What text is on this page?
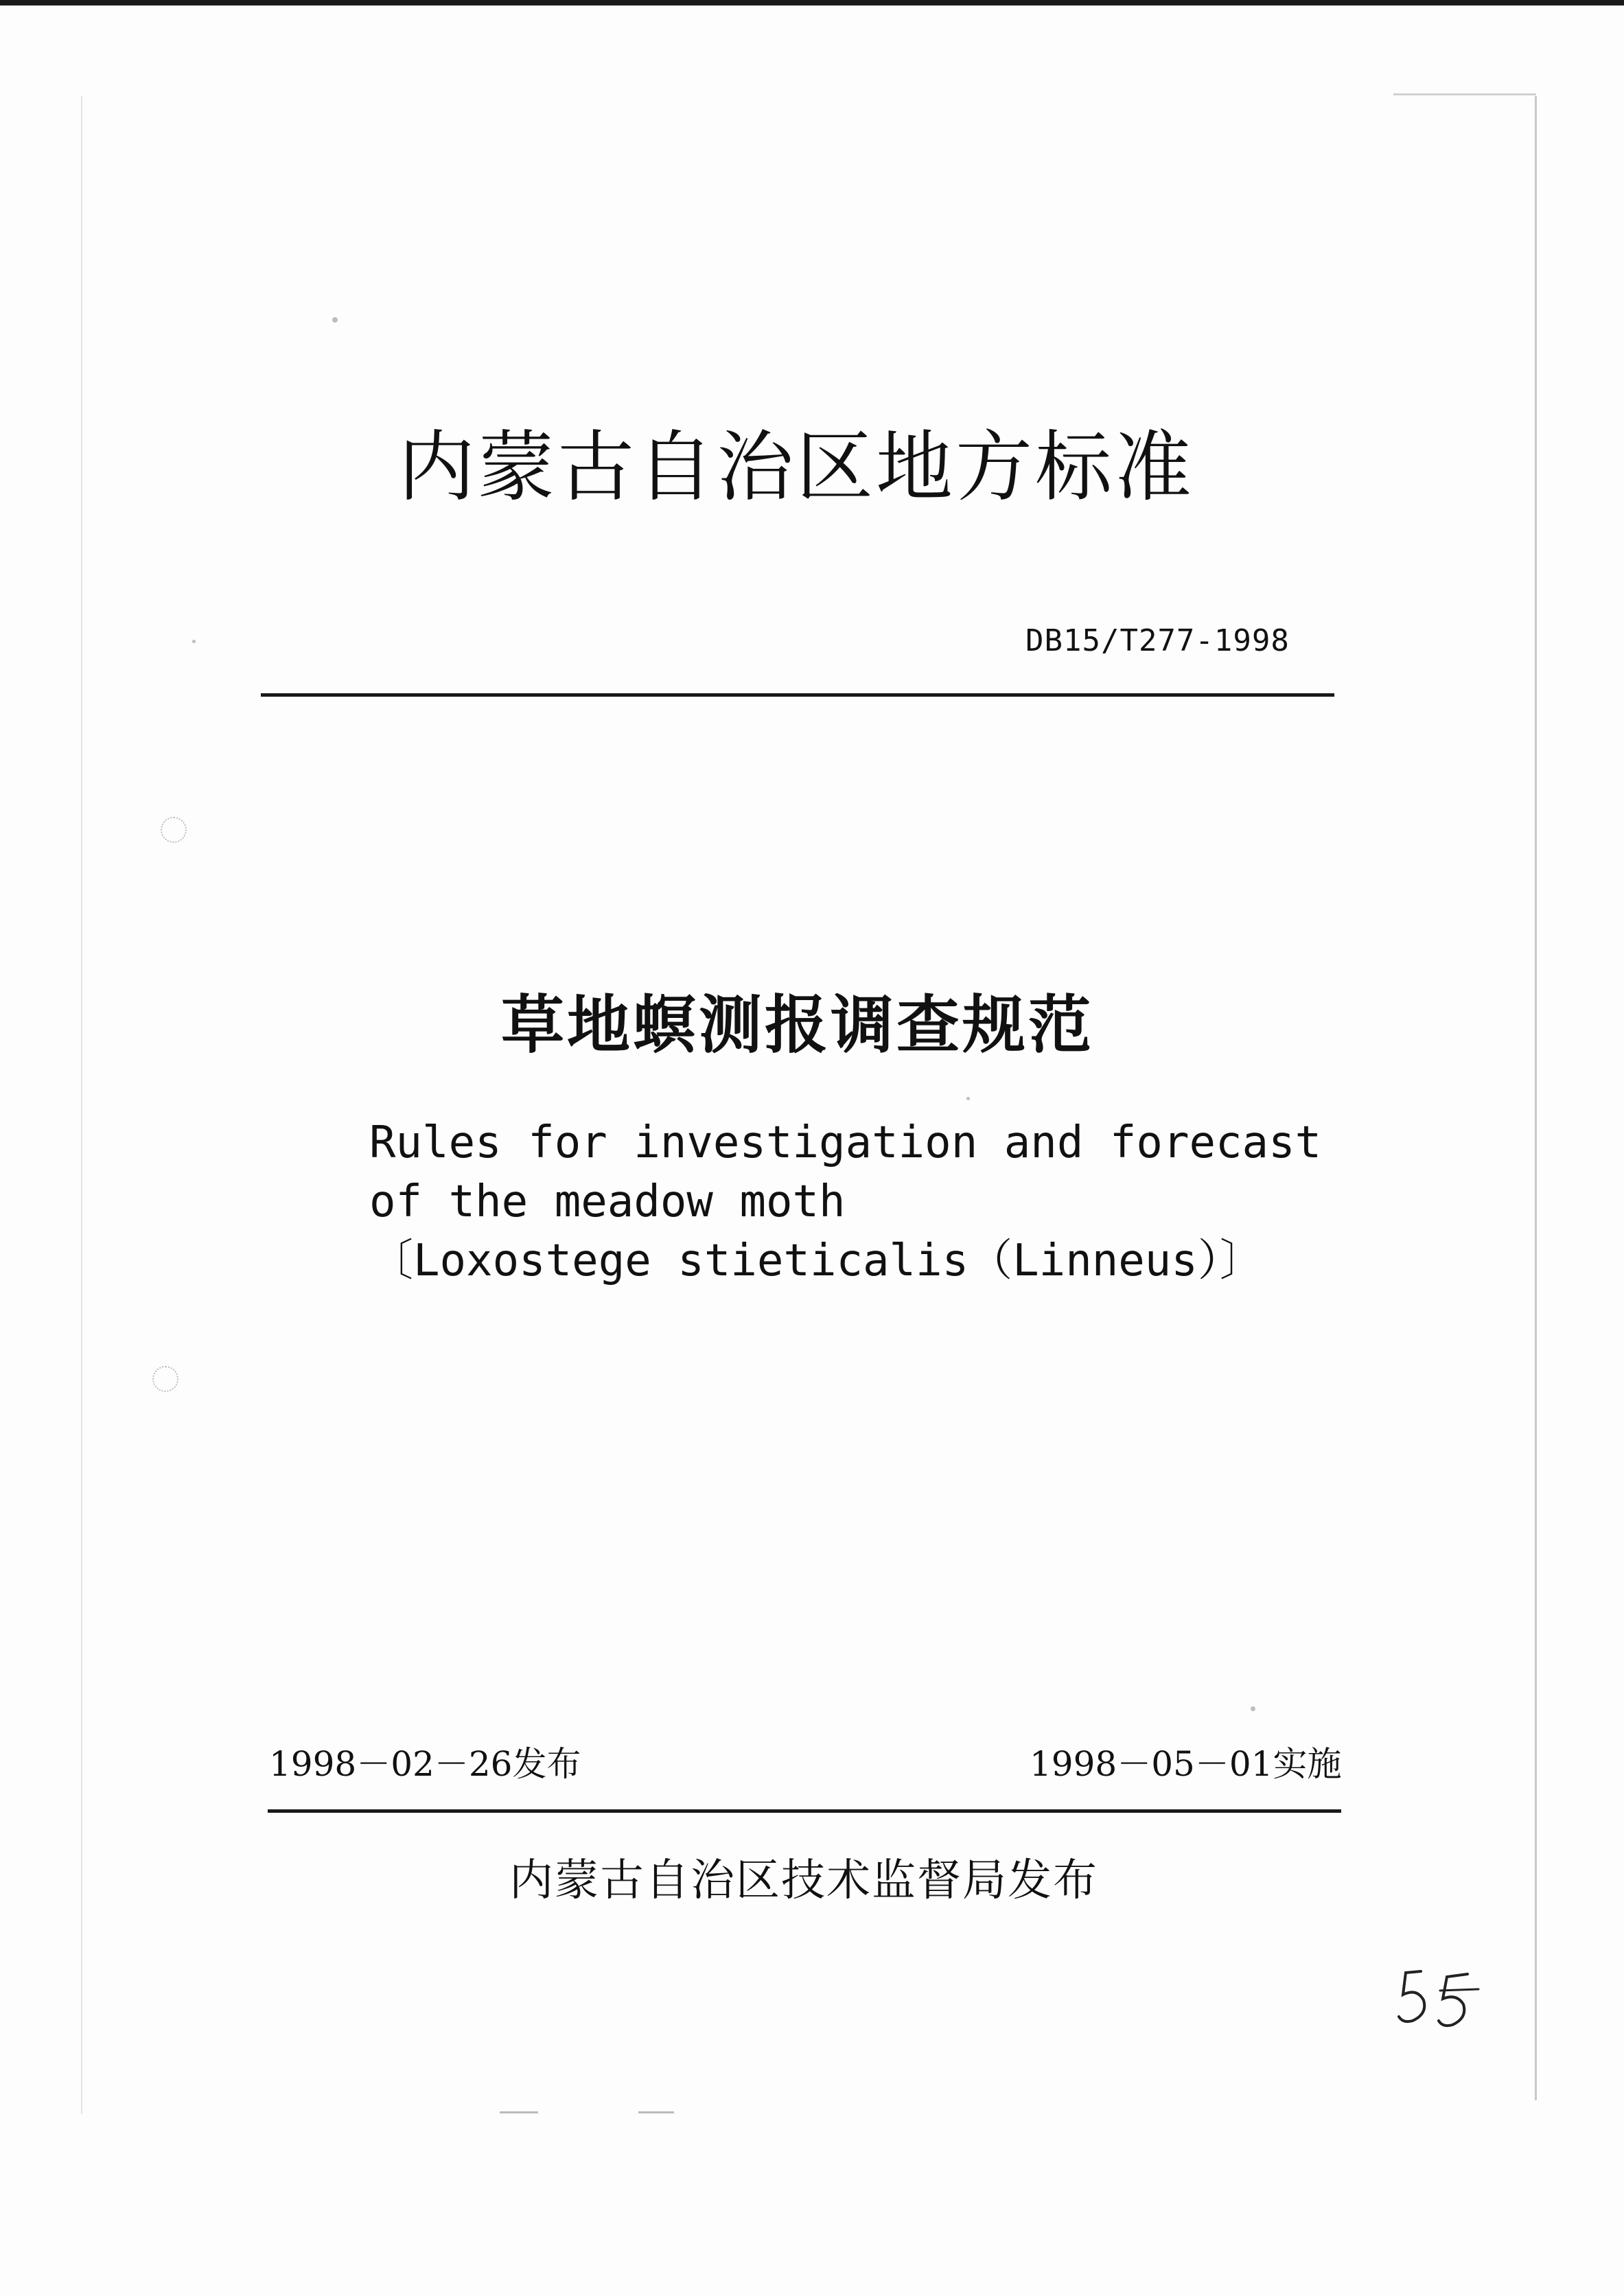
内蒙古自治区地方标准
DB15/T277-1998
草地螟测报调查规范
Rules for investigation and forecast
of the meadow moth
〔Loxostege stieticalis（Linneus）〕
1998－02－26发布	1998－05－01实施
内蒙古自治区技术监督局发布
